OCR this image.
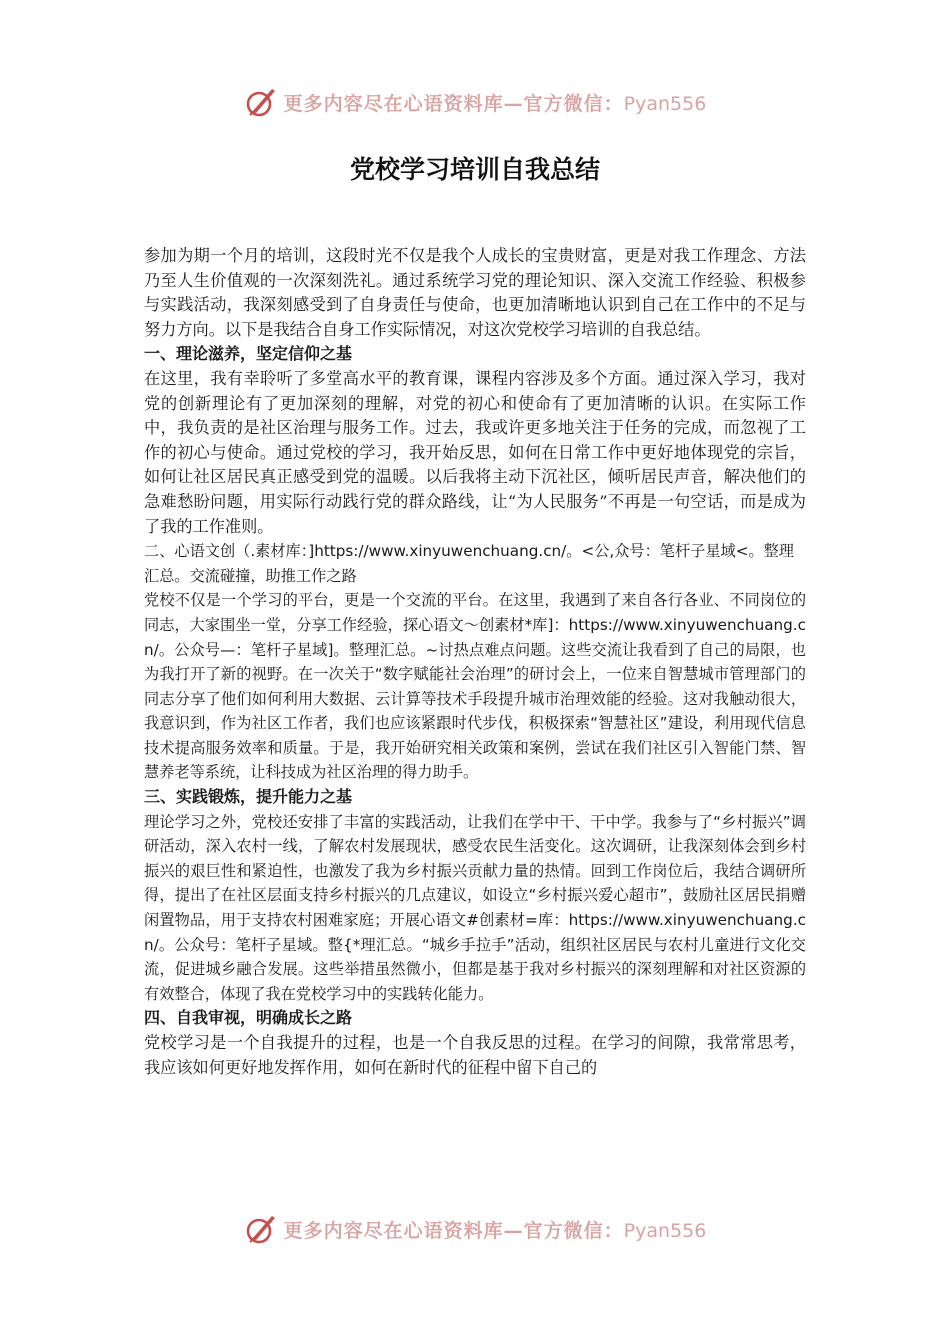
更多内容尽在心语资料库—官方微信：Pyan556
党校学习培训自我总结

参加为期一个月的培训，这段时光不仅是我个人成长的宝贵财富，更是对我工作理念、方法乃至人生价值观的一次深刻洗礼。通过系统学习党的理论知识、深入交流工作经验、积极参与实践活动，我深刻感受到了自身责任与使命，也更加清晰地认识到自己在工作中的不足与努力方向。以下是我结合自身工作实际情况，对这次党校学习培训的自我总结。

一、理论滋养，坚定信仰之基

在这里，我有幸聆听了多堂高水平的教育课，课程内容涉及多个方面。通过深入学习，我对党的创新理论有了更加深刻的理解，对党的初心和使命有了更加清晰的认识。在实际工作中，我负责的是社区治理与服务工作。过去，我或许更多地关注于任务的完成，而忽视了工作的初心与使命。通过党校的学习，我开始反思，如何在日常工作中更好地体现党的宗旨，如何让社区居民真正感受到党的温暖。以后我将主动下沉社区，倾听居民声音，解决他们的急难愁盼问题，用实际行动践行党的群众路线，让“为人民服务”不再是一句空话，而是成为了我的工作准则。

二、心语文创（.素材库：]https://www.xinyuwenchuang.cn/。<公,众号：笔杆子星域<。整理汇总。交流碰撞，助推工作之路

党校不仅是一个学习的平台，更是一个交流的平台。在这里，我遇到了来自各行各业、不同岗位的同志，大家围坐一堂，分享工作经验，探心语文～创素材*库]：https://www.xinyuwenchuang.cn/。公众号—：笔杆子星域]。整理汇总。~讨热点难点问题。这些交流让我看到了自己的局限，也为我打开了新的视野。在一次关于“数字赋能社会治理”的研讨会上，一位来自智慧城市管理部门的同志分享了他们如何利用大数据、云计算等技术手段提升城市治理效能的经验。这对我触动很大，我意识到，作为社区工作者，我们也应该紧跟时代步伐，积极探索“智慧社区”建设，利用现代信息技术提高服务效率和质量。于是，我开始研究相关政策和案例，尝试在我们社区引入智能门禁、智慧养老等系统，让科技成为社区治理的得力助手。

三、实践锻炼，提升能力之基

理论学习之外，党校还安排了丰富的实践活动，让我们在学中干、干中学。我参与了“乡村振兴”调研活动，深入农村一线，了解农村发展现状，感受农民生活变化。这次调研，让我深刻体会到乡村振兴的艰巨性和紧迫性，也激发了我为乡村振兴贡献力量的热情。回到工作岗位后，我结合调研所得，提出了在社区层面支持乡村振兴的几点建议，如设立“乡村振兴爱心超市”，鼓励社区居民捐赠闲置物品，用于支持农村困难家庭；开展心语文#创素材=库：https://www.xinyuwenchuang.cn/。公众号：笔杆子星域。整{*理汇总。“城乡手拉手”活动，组织社区居民与农村儿童进行文化交流，促进城乡融合发展。这些举措虽然微小，但都是基于我对乡村振兴的深刻理解和对社区资源的有效整合，体现了我在党校学习中的实践转化能力。

四、自我审视，明确成长之路

党校学习是一个自我提升的过程，也是一个自我反思的过程。在学习的间隙，我常常思考，我应该如何更好地发挥作用，如何在新时代的征程中留下自己的

更多内容尽在心语资料库—官方微信：Pyan556
